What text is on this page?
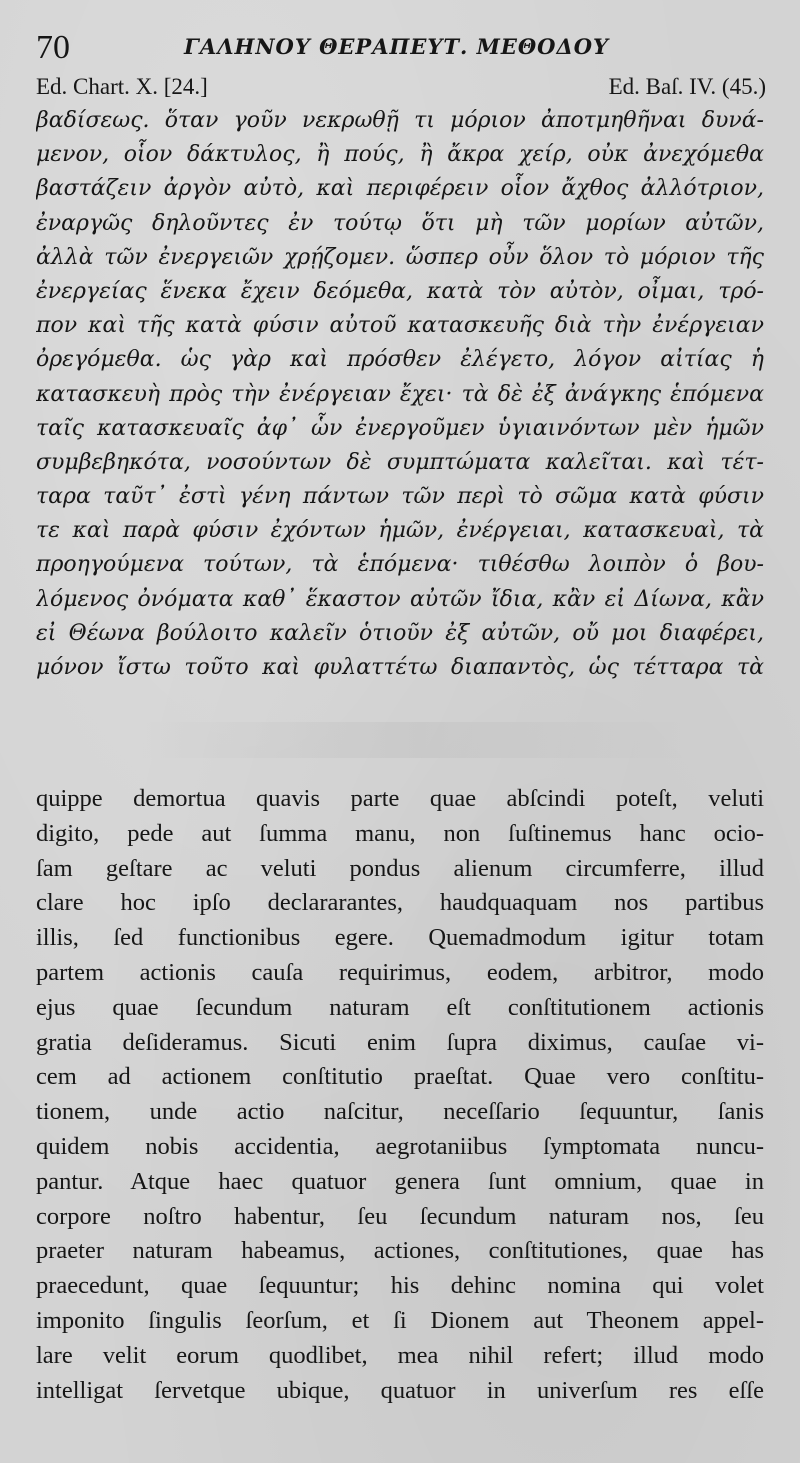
70	ΓΑΛΗΝΟΥ ΘΕΡΑΠΕΥΤ. ΜΕΘΟΔΟΥ
Ed. Chart. X. [24.]	Ed. Baſ. IV. (45.)
βαδίσεως. ὅταν γοῦν νεκρωθῇ τι μόριον ἀποτμηθῆναι δυνά-
μενον, οἷον δάκτυλος, ἢ πούς, ἢ ἄκρα χείρ, οὐκ ἀνεχόμεθα
βαστάζειν ἀργὸν αὐτὸ, καὶ περιφέρειν οἷον ἄχθος ἀλλότριον,
ἐναργῶς δηλοῦντες ἐν τούτῳ ὅτι μὴ τῶν μορίων αὐτῶν,
ἀλλὰ τῶν ἐνεργειῶν χρῄζομεν. ὥσπερ οὖν ὅλον τὸ μόριον τῆς
ἐνεργείας ἕνεκα ἔχειν δεόμεθα, κατὰ τὸν αὐτὸν, οἶμαι, τρό-
πον καὶ τῆς κατὰ φύσιν αὐτοῦ κατασκευῆς διὰ τὴν ἐνέργειαν
ὀρεγόμεθα. ὡς γὰρ καὶ πρόσθεν ἐλέγετο, λόγον αἰτίας ἡ
κατασκευὴ πρὸς τὴν ἐνέργειαν ἔχει· τὰ δὲ ἐξ ἀνάγκης ἑπόμενα
ταῖς κατασκευαῖς ἀφ᾽ ὧν ἐνεργοῦμεν ὑγιαινόντων μὲν ἡμῶν
συμβεβηκότα, νοσούντων δὲ συμπτώματα καλεῖται. καὶ τέτ-
ταρα ταῦτ᾽ ἐστὶ γένη πάντων τῶν περὶ τὸ σῶμα κατὰ φύσιν
τε καὶ παρὰ φύσιν ἐχόντων ἡμῶν, ἐνέργειαι, κατασκευαὶ, τὰ
προηγούμενα τούτων, τὰ ἑπόμενα· τιθέσθω λοιπὸν ὁ βου-
λόμενος ὀνόματα καθ᾽ ἕκαστον αὐτῶν ἴδια, κἂν εἰ Δίωνα, κἂν
εἰ Θέωνα βούλοιτο καλεῖν ὁτιοῦν ἐξ αὐτῶν, οὔ μοι διαφέρει,
μόνον ἴστω τοῦτο καὶ φυλαττέτω διαπαντὸς, ὡς τέτταρα τὰ
quippe demortua quavis parte quae abſcindi poteſt, veluti
digito, pede aut ſumma manu, non ſuſtinemus hanc ocio-
ſam geſtare ac veluti pondus alienum circumferre, illud
clare hoc ipſo declararantes, haudquaquam nos partibus
illis, ſed functionibus egere. Quemadmodum igitur totam
partem actionis cauſa requirimus, eodem, arbitror, modo
ejus quae ſecundum naturam eſt conſtitutionem actionis
gratia deſideramus. Sicuti enim ſupra diximus, cauſae vi-
cem ad actionem conſtitutio praeſtat. Quae vero conſtitu-
tionem, unde actio naſcitur, neceſſario ſequuntur, ſanis
quidem nobis accidentia, aegrotaniibus ſymptomata nuncu-
pantur. Atque haec quatuor genera ſunt omnium, quae in
corpore noſtro habentur, ſeu ſecundum naturam nos, ſeu
praeter naturam habeamus, actiones, conſtitutiones, quae has
praecedunt, quae ſequuntur; his dehinc nomina qui volet
imponito ſingulis ſeorſum, et ſi Dionem aut Theonem appel-
lare velit eorum quodlibet, mea nihil refert; illud modo
intelligat ſervetque ubique, quatuor in univerſum res eſſe
